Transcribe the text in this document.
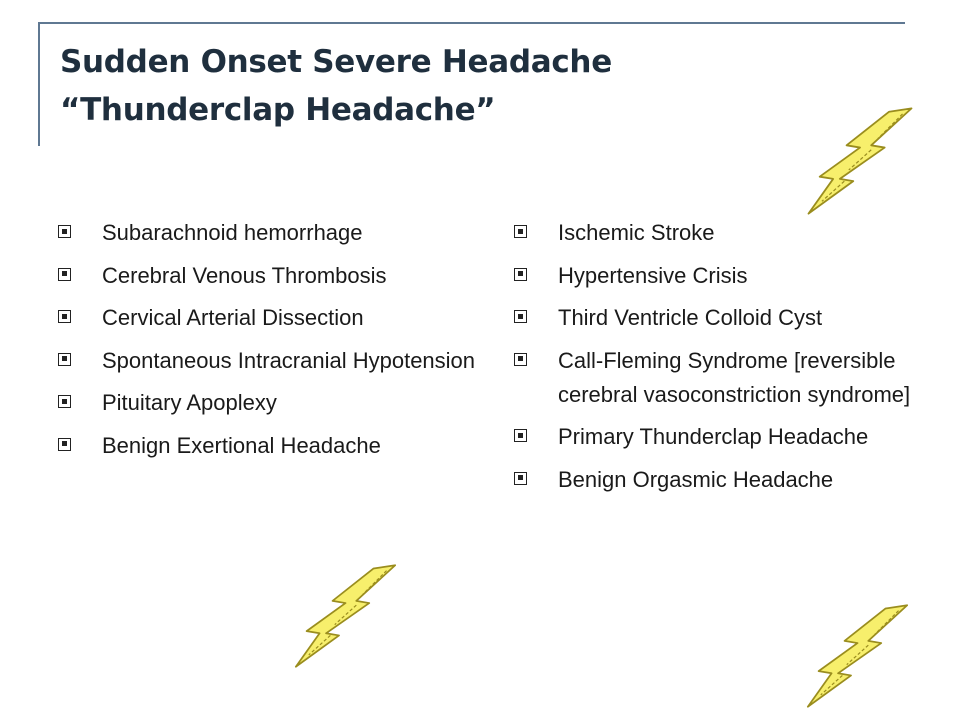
Sudden Onset Severe Headache
“Thunderclap Headache”
Subarachnoid hemorrhage
Cerebral Venous Thrombosis
Cervical Arterial Dissection
Spontaneous Intracranial Hypotension
Pituitary Apoplexy
Benign Exertional Headache
Ischemic Stroke
Hypertensive Crisis
Third Ventricle Colloid Cyst
Call-Fleming Syndrome [reversible cerebral vasoconstriction syndrome]
Primary Thunderclap Headache
Benign Orgasmic Headache
